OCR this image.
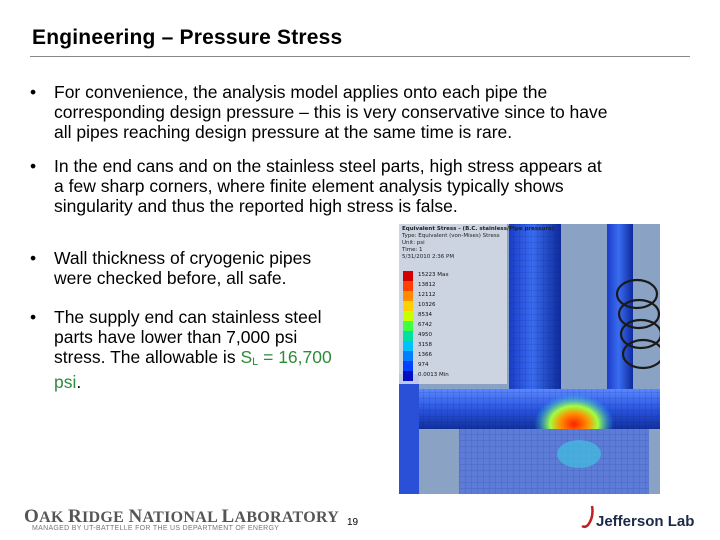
Engineering – Pressure Stress
•	For convenience, the analysis model applies onto each pipe the
corresponding design pressure – this is very conservative since to have
all pipes reaching design pressure at the same time is rare.
•	In the end cans and on the stainless steel parts, high stress appears at
a few sharp corners, where finite element analysis typically shows
singularity and thus the reported high stress is false.
•	Wall thickness of cryogenic pipes
were checked before, all safe.
•	The supply end can stainless steel
parts have lower than 7,000 psi
stress. The allowable is $S_L = 16,700$
psi.
Equivalent Stress - (B.C. stainless/Pipe pressure)
Type: Equivalent (von-Mises) Stress
Unit: psi
Time: 1
5/31/2010 2:36 PM
15223 Max
13812
12112
10326
8534
6742
4950
3158
1366
974
0.0013 Min
OAK RIDGE NATIONAL LABORATORY
MANAGED BY UT-BATTELLE FOR THE US DEPARTMENT OF ENERGY
19	Jefferson Lab
